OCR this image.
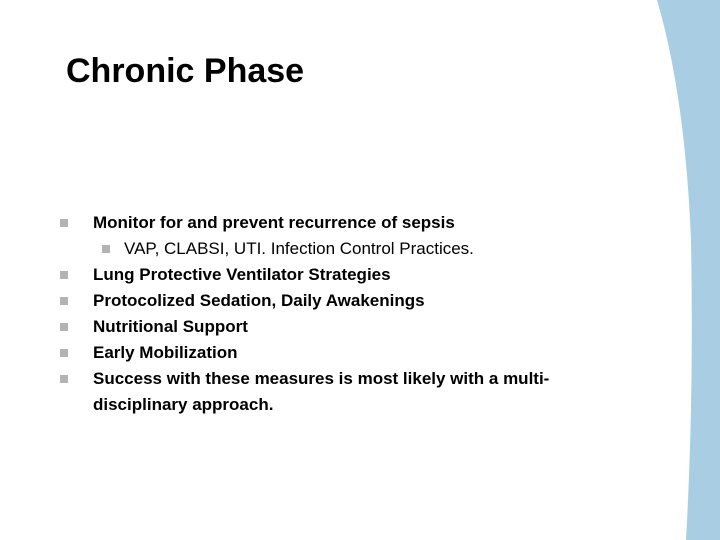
Chronic Phase
Monitor for and prevent recurrence of sepsis
VAP, CLABSI, UTI. Infection Control Practices.
Lung Protective Ventilator Strategies
Protocolized Sedation, Daily Awakenings
Nutritional Support
Early Mobilization
Success with these measures is most likely with a multi-disciplinary approach.
